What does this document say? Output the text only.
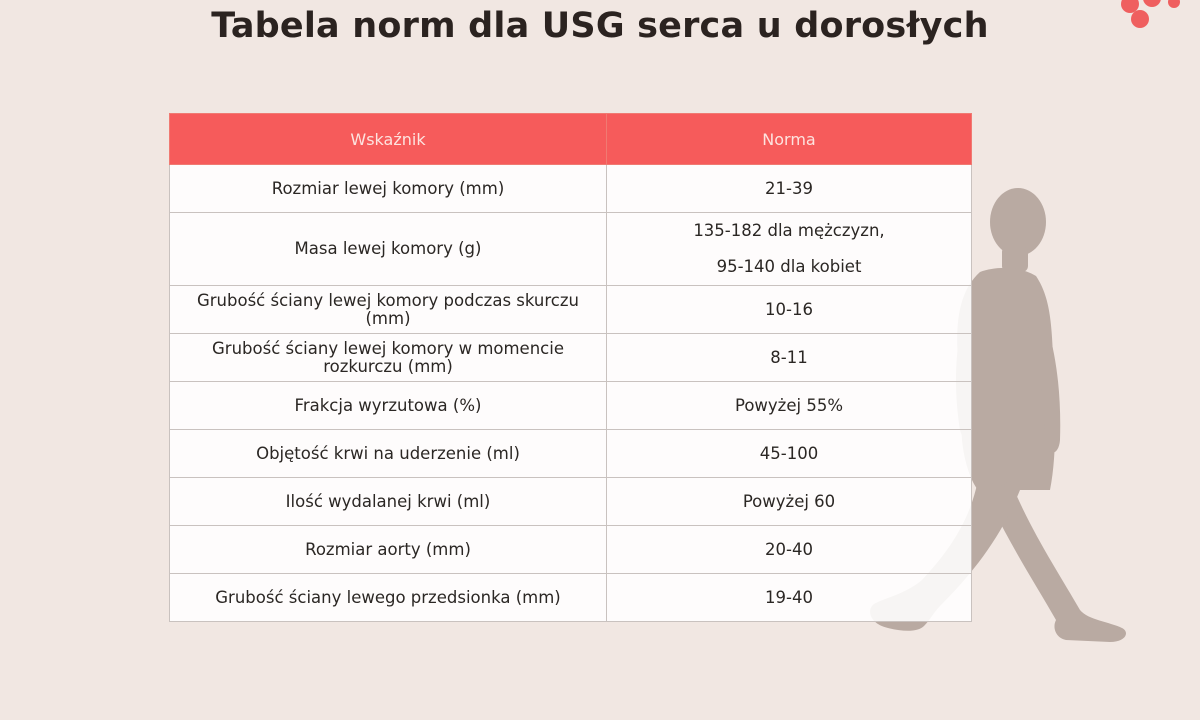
Tabela norm dla USG serca u dorosłych
Wskaźnik	Norma
Rozmiar lewej komory (mm)	21-39
Masa lewej komory (g)	135-182 dla mężczyzn,
95-140 dla kobiet

Grubość ściany lewej komory podczas skurczu (mm)	10-16
Grubość ściany lewej komory w momencie rozkurczu (mm)	8-11
Frakcja wyrzutowa (%)	Powyżej 55%
Objętość krwi na uderzenie (ml)	45-100
Ilość wydalanej krwi (ml)	Powyżej 60
Rozmiar aorty (mm)	20-40
Grubość ściany lewego przedsionka (mm)	19-40
